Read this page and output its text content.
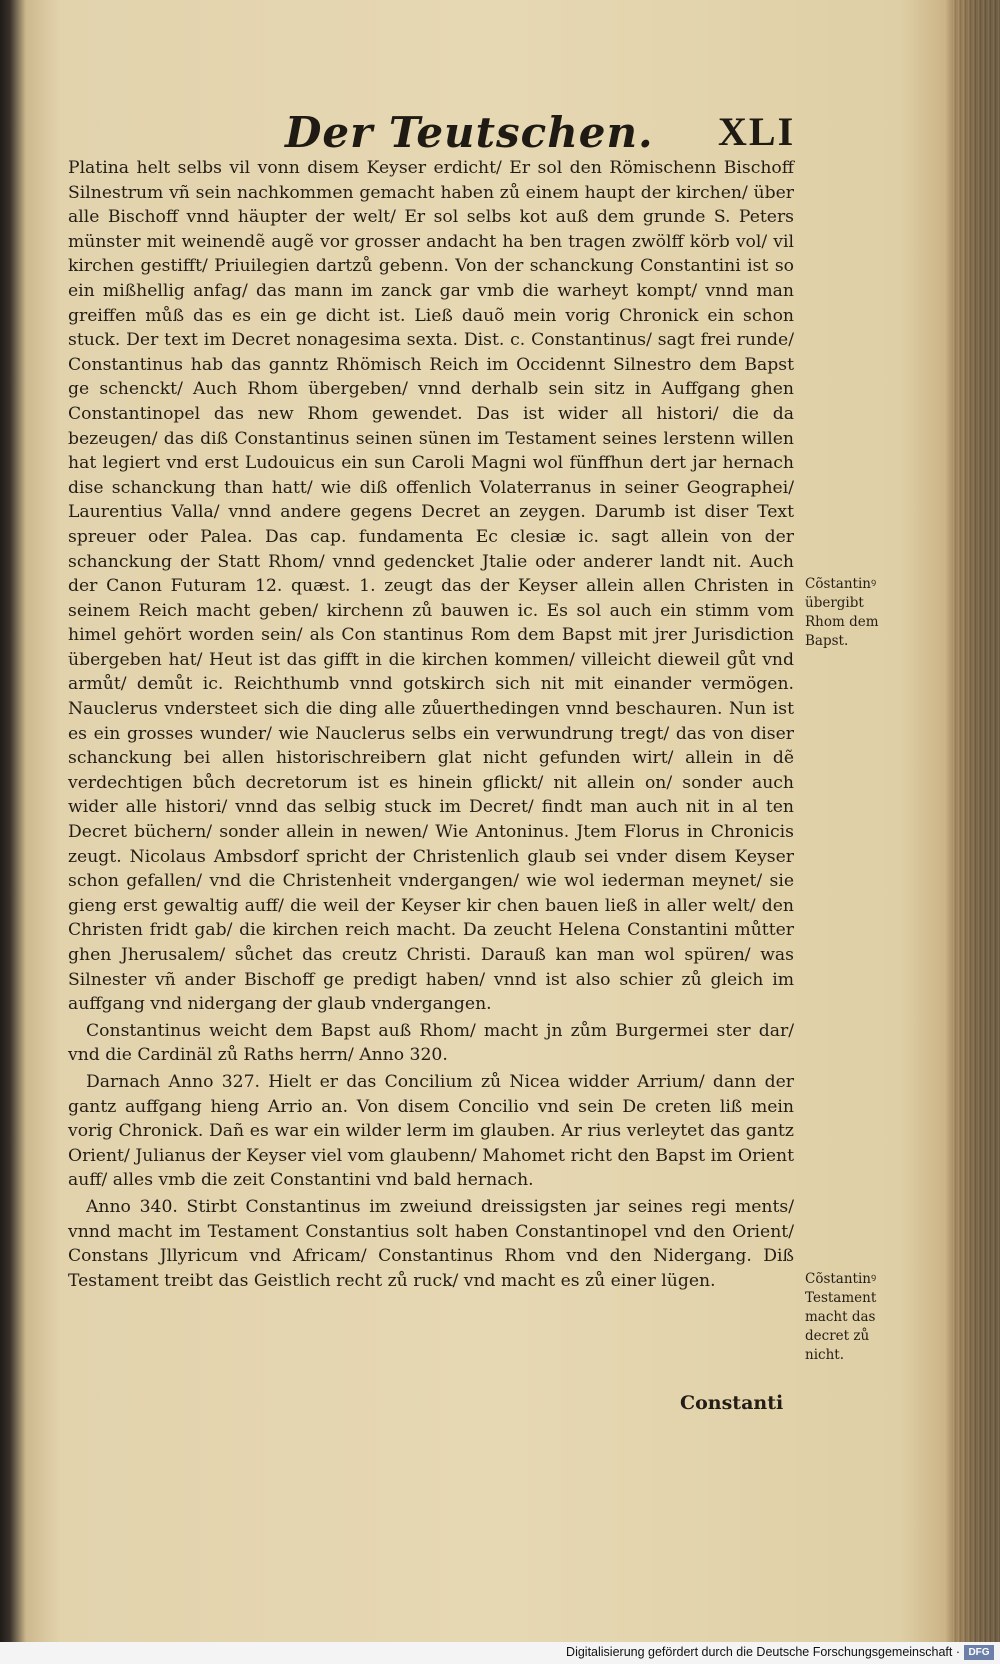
Der Teutschen. XLI

Platina helt selbs vil vonn disem Keyser erdicht/ Er sol den Römischenn Bischoff Silnestrum vñ sein nachkommen gemacht haben zů einem haupt der kirchen/ über alle Bischoff vnnd häupter der welt/ Er sol selbs kot auß dem grunde S. Peters münster mit weinendẽ augẽ vor grosser andacht ha ben tragen zwölff körb vol/ vil kirchen gestifft/ Priuilegien dartzů gebenn. Von der schanckung Constantini ist so ein mißhellig anfag/ das mann im zanck gar vmb die warheyt kompt/ vnnd man greiffen můß das es ein ge dicht ist. Ließ dauõ mein vorig Chronick ein schon stuck. Der text im Decret nonagesima sexta. Dist. c. Constantinus/ sagt frei runde/ Constantinus hab das ganntz Rhömisch Reich im Occidennt Silnestro dem Bapst ge schenckt/ Auch Rhom übergeben/ vnnd derhalb sein sitz in Auffgang ghen Constantinopel das new Rhom gewendet. Das ist wider all histori/ die da bezeugen/ das diß Constantinus seinen sünen im Testament seines lerstenn willen hat legiert vnd erst Ludouicus ein sun Caroli Magni wol fünffhun dert jar hernach dise schanckung than hatt/ wie diß offenlich Volaterranus in seiner Geographei/ Laurentius Valla/ vnnd andere gegens Decret an zeygen. Darumb ist diser Text spreuer oder Palea. Das cap. fundamenta Ec clesiæ ic. sagt allein von der schanckung der Statt Rhom/ vnnd gedencket Jtalie oder anderer landt nit. Auch der Canon Futuram 12. quæst. 1. zeugt das der Keyser allein allen Christen in seinem Reich macht geben/ kirchenn zů bauwen ic. Es sol auch ein stimm vom himel gehört worden sein/ als Con stantinus Rom dem Bapst mit jrer Jurisdiction übergeben hat/ Heut ist das gifft in die kirchen kommen/ villeicht dieweil gůt vnd armůt/ demůt ic. Reichthumb vnnd gotskirch sich nit mit einander vermögen. Nauclerus vndersteet sich die ding alle zůuerthedingen vnnd beschauren. Nun ist es ein grosses wunder/ wie Nauclerus selbs ein verwundrung tregt/ das von diser schanckung bei allen historischreibern glat nicht gefunden wirt/ allein in dẽ verdechtigen bůch decretorum ist es hinein gflickt/ nit allein on/ sonder auch wider alle histori/ vnnd das selbig stuck im Decret/ findt man auch nit in al ten Decret büchern/ sonder allein in newen/ Wie Antoninus. Jtem Florus in Chronicis zeugt. Nicolaus Ambsdorf spricht der Christenlich glaub sei vnder disem Keyser schon gefallen/ vnd die Christenheit vndergangen/ wie wol iederman meynet/ sie gieng erst gewaltig auff/ die weil der Keyser kir chen bauen ließ in aller welt/ den Christen fridt gab/ die kirchen reich macht. Da zeucht Helena Constantini můtter ghen Jherusalem/ sůchet das creutz Christi. Darauß kan man wol spüren/ was Silnester vñ ander Bischoff ge predigt haben/ vnnd ist also schier zů gleich im auffgang vnd nidergang der glaub vndergangen.

Constantinus weicht dem Bapst auß Rhom/ macht jn zům Burgermei ster dar/ vnd die Cardinäl zů Raths herrn/ Anno 320.

Darnach Anno 327. Hielt er das Concilium zů Nicea widder Arrium/ dann der gantz auffgang hieng Arrio an. Von disem Concilio vnd sein De creten liß mein vorig Chronick. Dañ es war ein wilder lerm im glauben. Ar rius verleytet das gantz Orient/ Julianus der Keyser viel vom glaubenn/ Mahomet richt den Bapst im Orient auff/ alles vmb die zeit Constantini vnd bald hernach.

Anno 340. Stirbt Constantinus im zweiund dreissigsten jar seines regi ments/ vnnd macht im Testament Constantius solt haben Constantinopel vnd den Orient/ Constans Jllyricum vnd Africam/ Constantinus Rhom vnd den Nidergang. Diß Testament treibt das Geistlich recht zů ruck/ vnd macht es zů einer lügen.

Constanti
Cõstantinꝰ übergibt Rhom dem Bapst.
Cõstantinꝰ Testament macht das decret zů nicht.
Digitalisierung gefördert durch die Deutsche Forschungsgemeinschaft · DFG
